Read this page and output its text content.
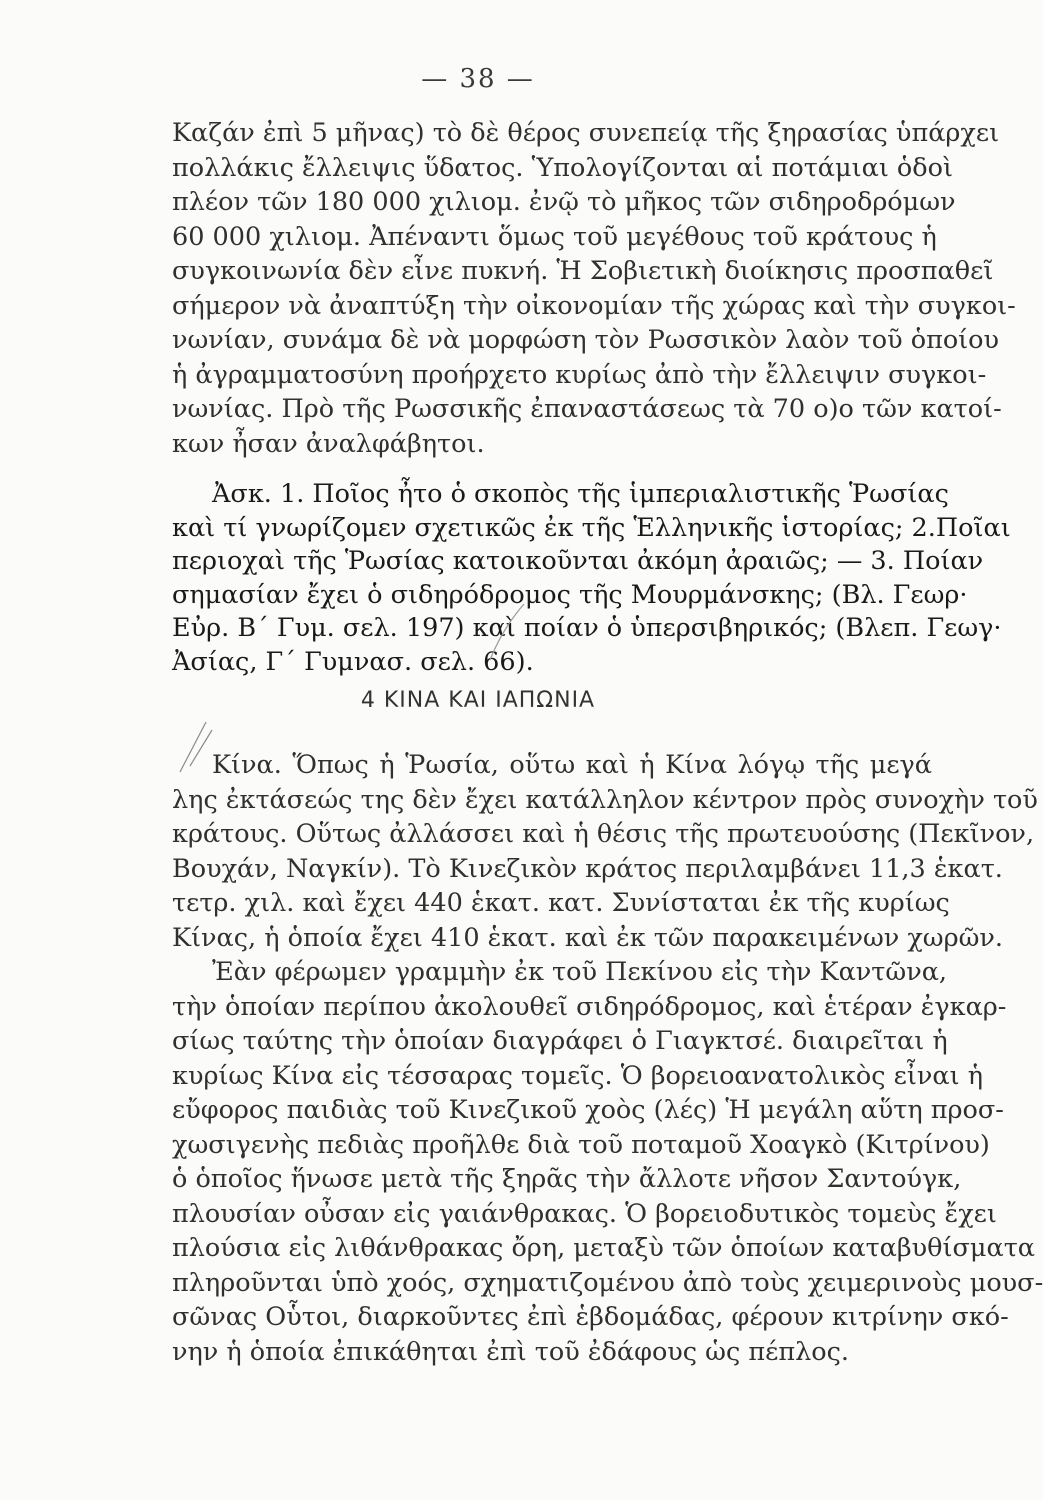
— 38 —
Καζάν ἐπὶ 5 μῆνας) τὸ δὲ θέρος συνεπείᾳ τῆς ξηρασίας ὑπάρχει
πολλάκις ἔλλειψις ὕδατος. Ὑπολογίζονται αἱ ποτάμιαι ὁδοὶ
πλέον τῶν 180 000 χιλιομ. ἐνῷ τὸ μῆκος τῶν σιδηροδρόμων
60 000 χιλιομ. Ἀπέναντι ὅμως τοῦ μεγέθους τοῦ κράτους ἡ
συγκοινωνία δὲν εἶνε πυκνή. Ἡ Σοβιετικὴ διοίκησις προσπαθεῖ
σήμερον νὰ ἀναπτύξη τὴν οἰκονομίαν τῆς χώρας καὶ τὴν συγκοι-
νωνίαν, συνάμα δὲ νὰ μορφώση τὸν Ρωσσικὸν λαὸν τοῦ ὁποίου
ἡ ἀγραμματοσύνη προήρχετο κυρίως ἀπὸ τὴν ἔλλειψιν συγκοι-
νωνίας. Πρὸ τῆς Ρωσσικῆς ἐπαναστάσεως τὰ 70 ο)ο τῶν κατοί-
κων ἦσαν ἀναλφάβητοι.
Ἀσκ. 1. Ποῖος ἦτο ὁ σκοπὸς τῆς ἱμπεριαλιστικῆς Ῥωσίας
καὶ τί γνωρίζομεν σχετικῶς ἐκ τῆς Ἑλληνικῆς ἱστορίας; 2.Ποῖαι
περιοχαὶ τῆς Ῥωσίας κατοικοῦνται ἀκόμη ἀραιῶς; — 3. Ποίαν
σημασίαν ἔχει ὁ σιδηρόδρομος τῆς Μουρμάνσκης; (Βλ. Γεωρ·
Εὐρ. Β΄ Γυμ. σελ. 197) καὶ ποίαν ὁ ὑπερσιβηρικός; (Βλεπ. Γεωγ·
Ἀσίας, Γ΄ Γυμνασ. σελ. 66).
4 ΚΙΝΑ ΚΑΙ ΙΑΠΩΝΙΑ
Κίνα. Ὅπως ἡ Ῥωσία, οὕτω καὶ ἡ Κίνα λόγῳ τῆς μεγά
λης ἐκτάσεώς της δὲν ἔχει κατάλληλον κέντρον πρὸς συνοχὴν τοῦ
κράτους. Οὕτως ἀλλάσσει καὶ ἡ θέσις τῆς πρωτευούσης (Πεκῖνον,
Βουχάν, Ναγκίν). Τὸ Κινεζικὸν κράτος περιλαμβάνει 11,3 ἑκατ.
τετρ. χιλ. καὶ ἔχει 440 ἑκατ. κατ. Συνίσταται ἐκ τῆς κυρίως
Κίνας, ἡ ὁποία ἔχει 410 ἑκατ. καὶ ἐκ τῶν παρακειμένων χωρῶν.
Ἐὰν φέρωμεν γραμμὴν ἐκ τοῦ Πεκίνου εἰς τὴν Καντῶνα,
τὴν ὁποίαν περίπου ἀκολουθεῖ σιδηρόδρομος, καὶ ἑτέραν ἐγκαρ-
σίως ταύτης τὴν ὁποίαν διαγράφει ὁ Γιαγκτσέ. διαιρεῖται ἡ
κυρίως Κίνα εἰς τέσσαρας τομεῖς. Ὁ βορειοανατολικὸς εἶναι ἡ
εὔφορος παιδιὰς τοῦ Κινεζικοῦ χοὸς (λές) Ἡ μεγάλη αὕτη πρoσ-
χωσιγενὴς πεδιὰς προῆλθε διὰ τοῦ ποταμοῦ Χοαγκὸ (Κιτρίνου)
ὁ ὁποῖος ἥνωσε μετὰ τῆς ξηρᾶς τὴν ἄλλοτε νῆσον Σαντούγκ,
πλουσίαν οὖσαν εἰς γαιάνθρακας. Ὁ βορειοδυτικὸς τομεὺς ἔχει
πλούσια εἰς λιθάνθρακας ὄρη, μεταξὺ τῶν ὁποίων καταβυθίσματα
πληροῦνται ὑπὸ χοός, σχηματιζομένου ἀπὸ τοὺς χειμερινοὺς μουσ-
σῶνας Οὗτοι, διαρκοῦντες ἐπὶ ἑβδομάδας, φέρουν κιτρίνην σκό-
νην ἡ ὁποία ἐπικάθηται ἐπὶ τοῦ ἐδάφους ὡς πέπλος.
